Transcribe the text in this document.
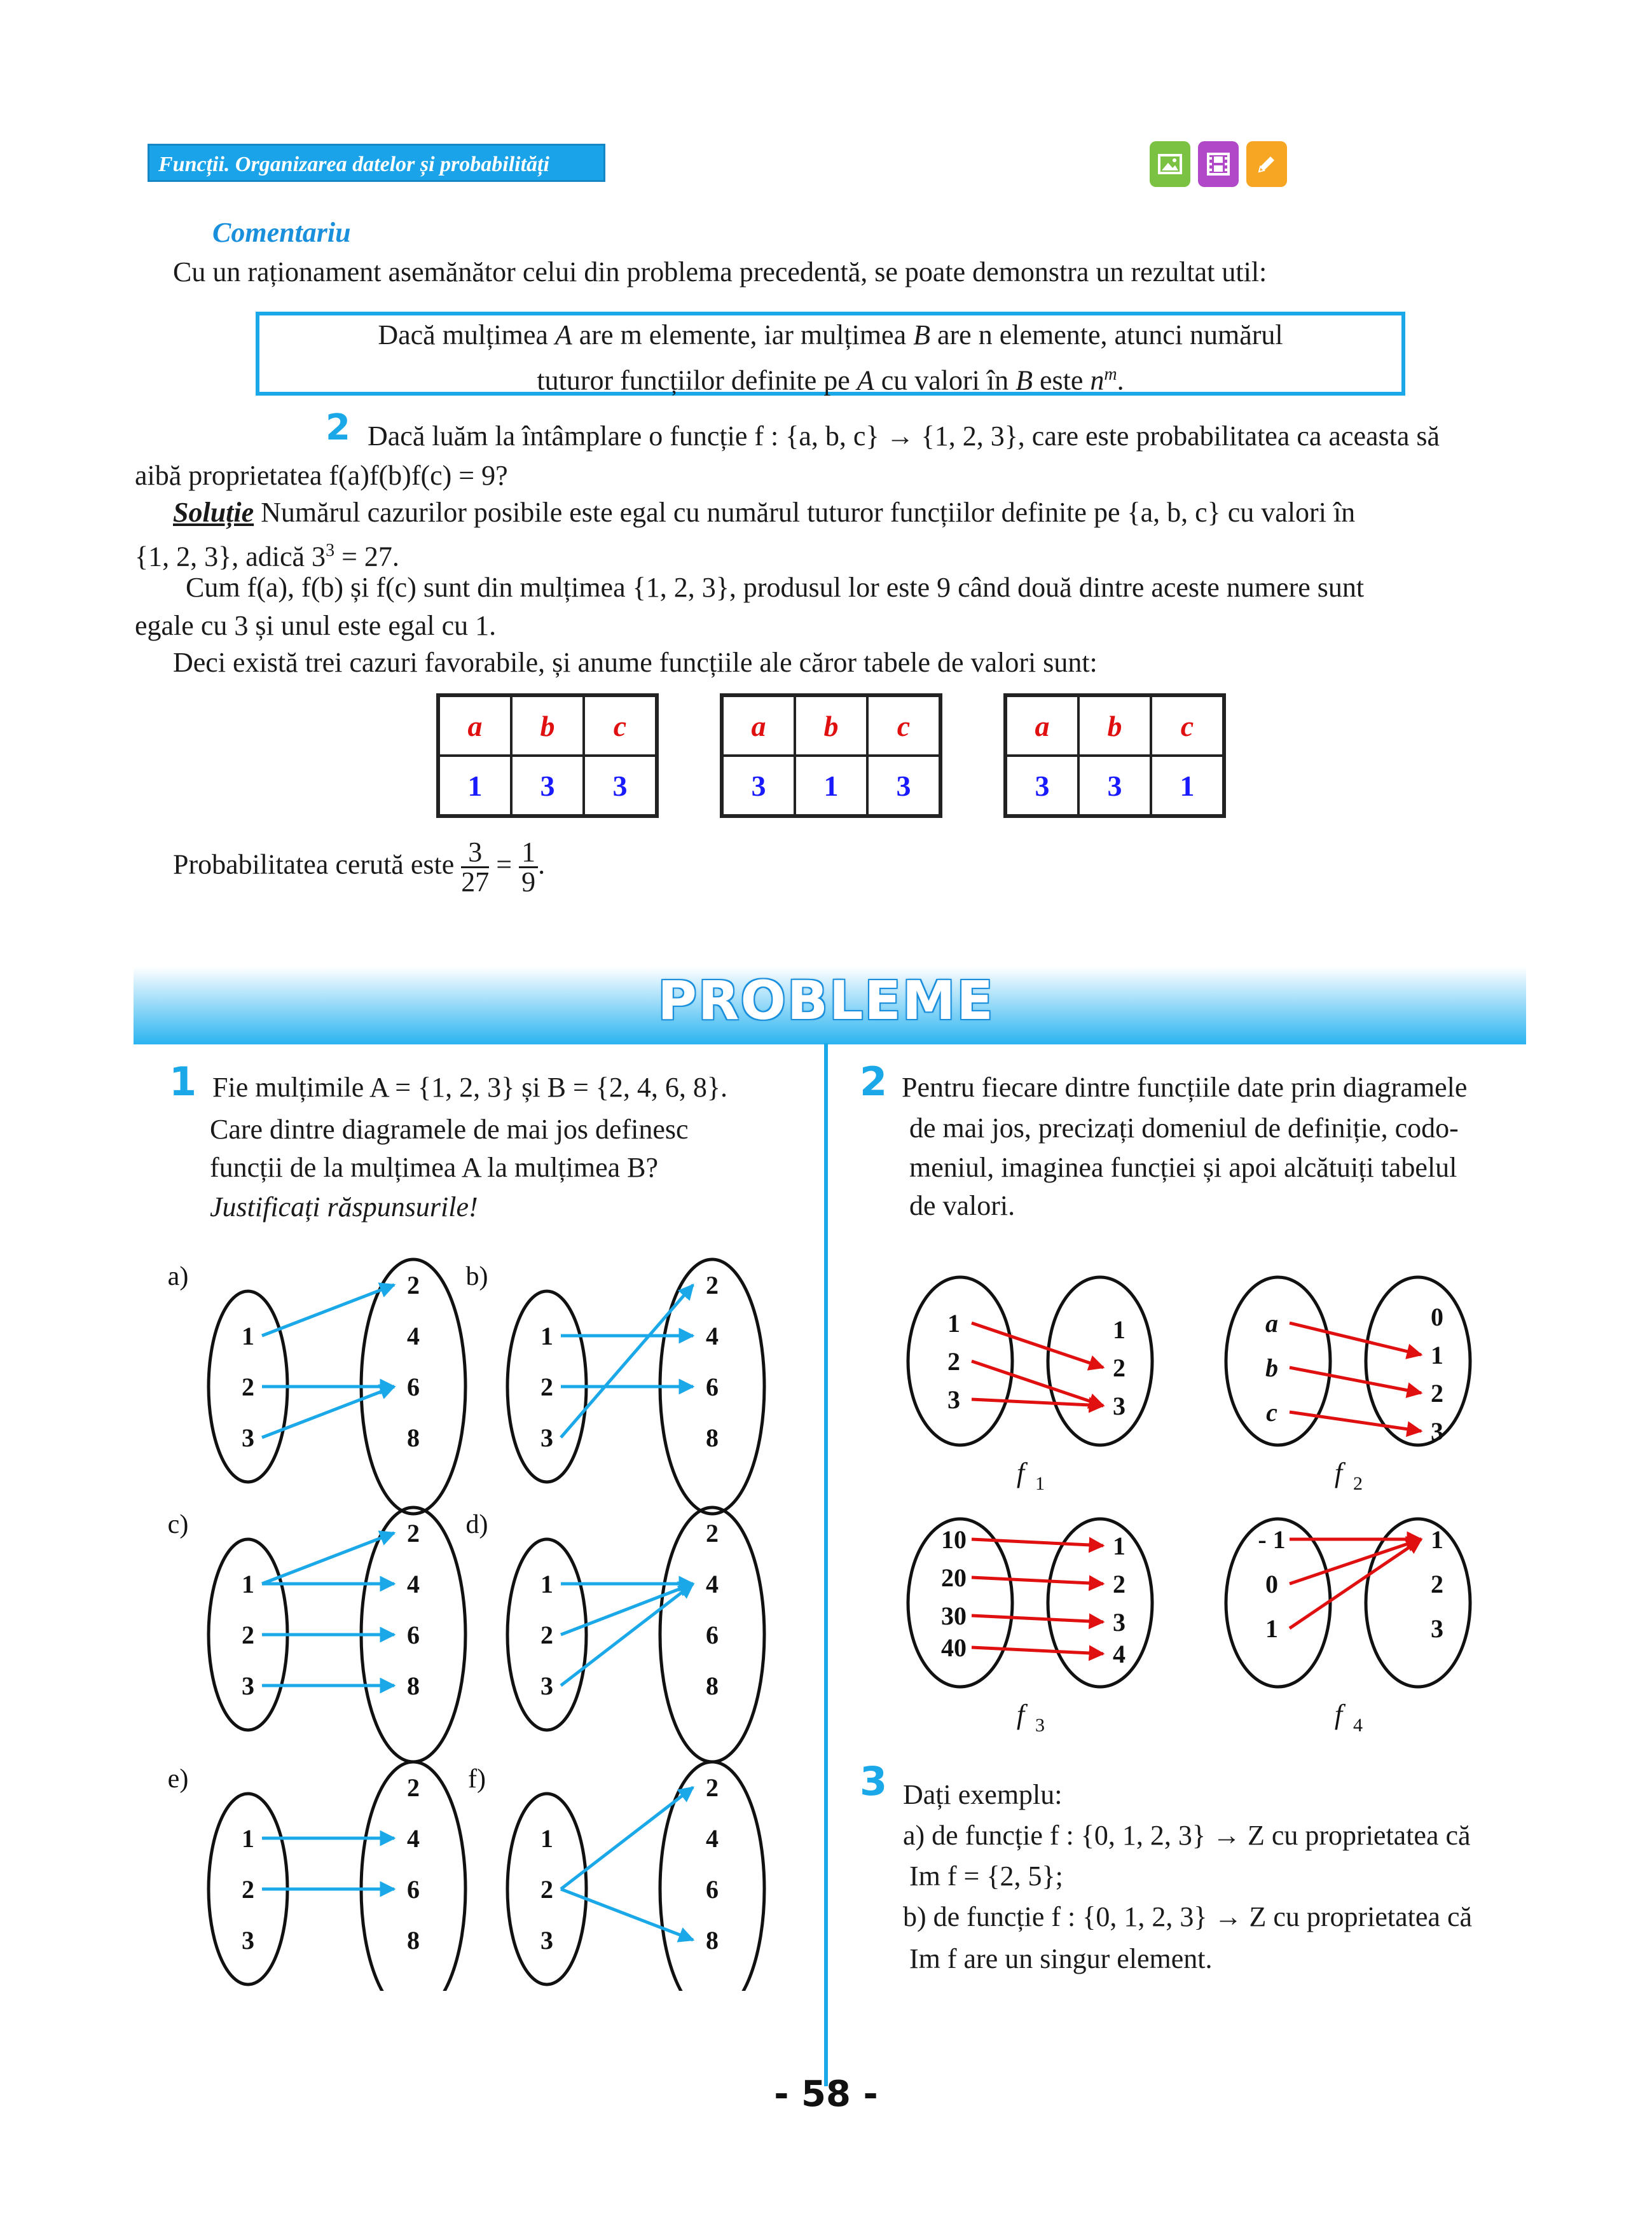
Funcții. Organizarea datelor și probabilități
Comentariu
Cu un raționament asemănător celui din problema precedentă, se poate demonstra un rezultat util:
Dacă mulțimea A are m elemente, iar mulțimea B are n elemente, atunci numărul
tuturor funcțiilor definite pe A cu valori în B este $n^m$.
2 Dacă luăm la întâmplare o funcție f : {a, b, c} → {1, 2, 3}, care este probabilitatea ca aceasta să
aibă proprietatea f(a)f(b)f(c) = 9?
Soluție Numărul cazurilor posibile este egal cu numărul tuturor funcțiilor definite pe {a, b, c} cu valori în
{1, 2, 3}, adică $3^3 = 27$.
Cum f(a), f(b) și f(c) sunt din mulțimea {1, 2, 3}, produsul lor este 9 când două dintre aceste numere sunt
egale cu 3 și unul este egal cu 1.
Deci există trei cazuri favorabile, și anume funcțiile ale căror tabele de valori sunt:
a	b	c
1	3	3
a	b	c
3	1	3
a	b	c
3	3	1
Probabilitatea cerută este $\frac{3}{27} = \frac{1}{9}$ .
PROBLEME
1 Fie mulțimile A = {1, 2, 3} și B = {2, 4, 6, 8}.
Care dintre diagramele de mai jos definesc
funcții de la mulțimea A la mulțimea B?
Justificați răspunsurile!
a)
1
2
3
2
4
6
8
b)
1
2
3
2
4
6
8
c)
1
2
3
2
4
6
8
d)
1
2
3
2
4
6
8
e)
1
2
3
2
4
6
8
f)
1
2
3
2
4
6
8
2 Pentru fiecare dintre funcțiile date prin diagramele
de mai jos, precizați domeniul de definiție, codo-
meniul, imaginea funcției și apoi alcătuiți tabelul
de valori.
1
2
3
1
2
3
f 1
a
b
c
0
1
2
3
f 2
10
20
30
40
1
2
3
4
f 3
- 1
0
1
1
2
3
f 4
3 Dați exemplu:
a) de funcție f : {0, 1, 2, 3} → Z cu proprietatea că
Im f = {2, 5};
b) de funcție f : {0, 1, 2, 3} → Z cu proprietatea că
Im f are un singur element.
- 58 -
